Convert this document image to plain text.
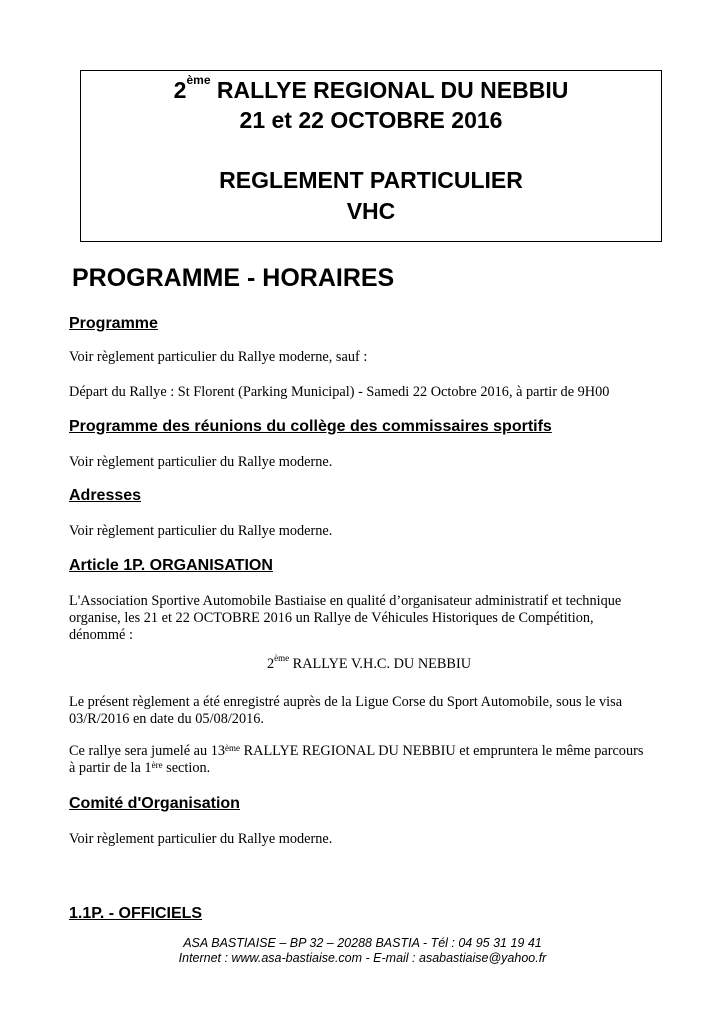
2ème RALLYE REGIONAL DU NEBBIU
21 et 22 OCTOBRE 2016
REGLEMENT PARTICULIER
VHC
PROGRAMME - HORAIRES
Programme
Voir règlement particulier du Rallye moderne, sauf :
Départ du Rallye : St Florent (Parking Municipal) - Samedi 22 Octobre 2016, à partir de 9H00
Programme des réunions du collège des commissaires sportifs
Voir règlement particulier du Rallye moderne.
Adresses
Voir règlement particulier du Rallye moderne.
Article 1P. ORGANISATION
L'Association Sportive Automobile Bastiaise en qualité d’organisateur administratif et technique organise, les 21 et 22 OCTOBRE 2016 un Rallye de Véhicules Historiques de Compétition, dénommé :
2ème RALLYE V.H.C. DU NEBBIU
Le présent règlement a été enregistré auprès de la Ligue Corse du Sport Automobile, sous le visa 03/R/2016 en date du 05/08/2016.
Ce rallye sera jumelé au 13ème RALLYE REGIONAL DU NEBBIU et empruntera le même parcours à partir de la 1ère section.
Comité d'Organisation
Voir règlement particulier du Rallye moderne.
1.1P. - OFFICIELS
ASA BASTIAISE – BP 32 – 20288 BASTIA - Tél : 04 95 31 19 41
Internet : www.asa-bastiaise.com - E-mail : asabastiaise@yahoo.fr
